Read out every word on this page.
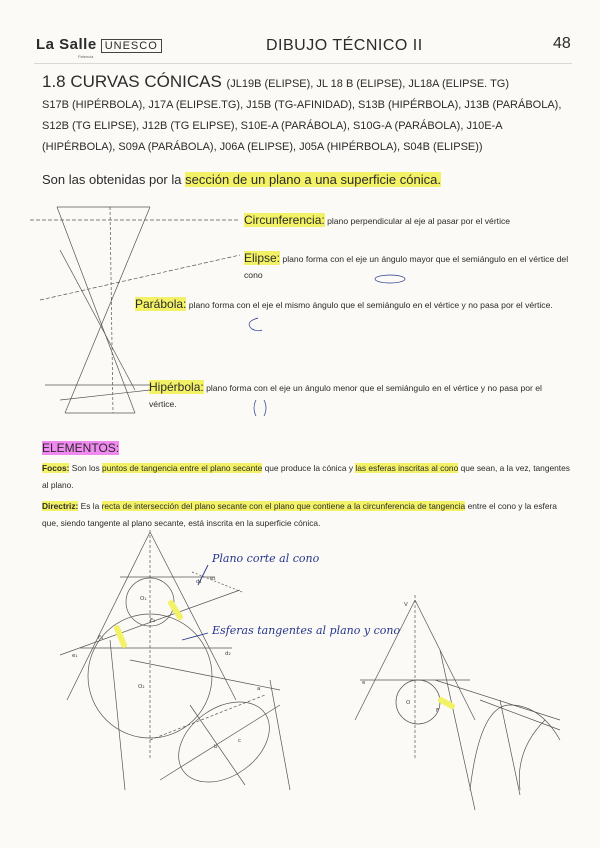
La Salle UNESCO
Palencia
DIBUJO TÉCNICO II	48
1.8 CURVAS CÓNICAS (JL19B (ELIPSE), JL 18 B (ELIPSE), JL18A (ELIPSE. TG)
S17B (HIPÉRBOLA), J17A (ELIPSE.TG), J15B (TG-AFINIDAD), S13B (HIPÉRBOLA), J13B (PARÁBOLA), S12B (TG ELIPSE), J12B (TG ELIPSE), S10E-A (PARÁBOLA), S10G-A (PARÁBOLA), J10E-A (HIPÉRBOLA), S09A (PARÁBOLA), J06A (ELIPSE), J05A (HIPÉRBOLA), S04B (ELIPSE))
Son las obtenidas por la sección de un plano a una superficie cónica.
Circunferencia: plano perpendicular al eje al pasar por el vértice
Elipse: plano forma con el eje un ángulo mayor que el semiángulo en el vértice del cono
Parábola: plano forma con el eje el mismo ángulo que el semiángulo en el vértice y no pasa por el vértice.
Hipérbola: plano forma con el eje un ángulo menor que el semiángulo en el vértice y no pasa por el vértice.
ELEMENTOS:
Focos: Son los puntos de tangencia entre el plano secante que produce la cónica y las esferas inscritas al cono que sean, a la vez, tangentes al plano.
Directriz: Es la recta de intersección del plano secante con el plano que contiene a la circunferencia de tangencia entre el cono y la esfera que, siendo tangente al plano secante, está inscrita en la superficie cónica.
Plano corte al cono
Esferas tangentes al plano y cono
O₁
O₂
F₁
F₂
d₁
d₂
e₁
e₂
a
b
c
V
O
F
e
